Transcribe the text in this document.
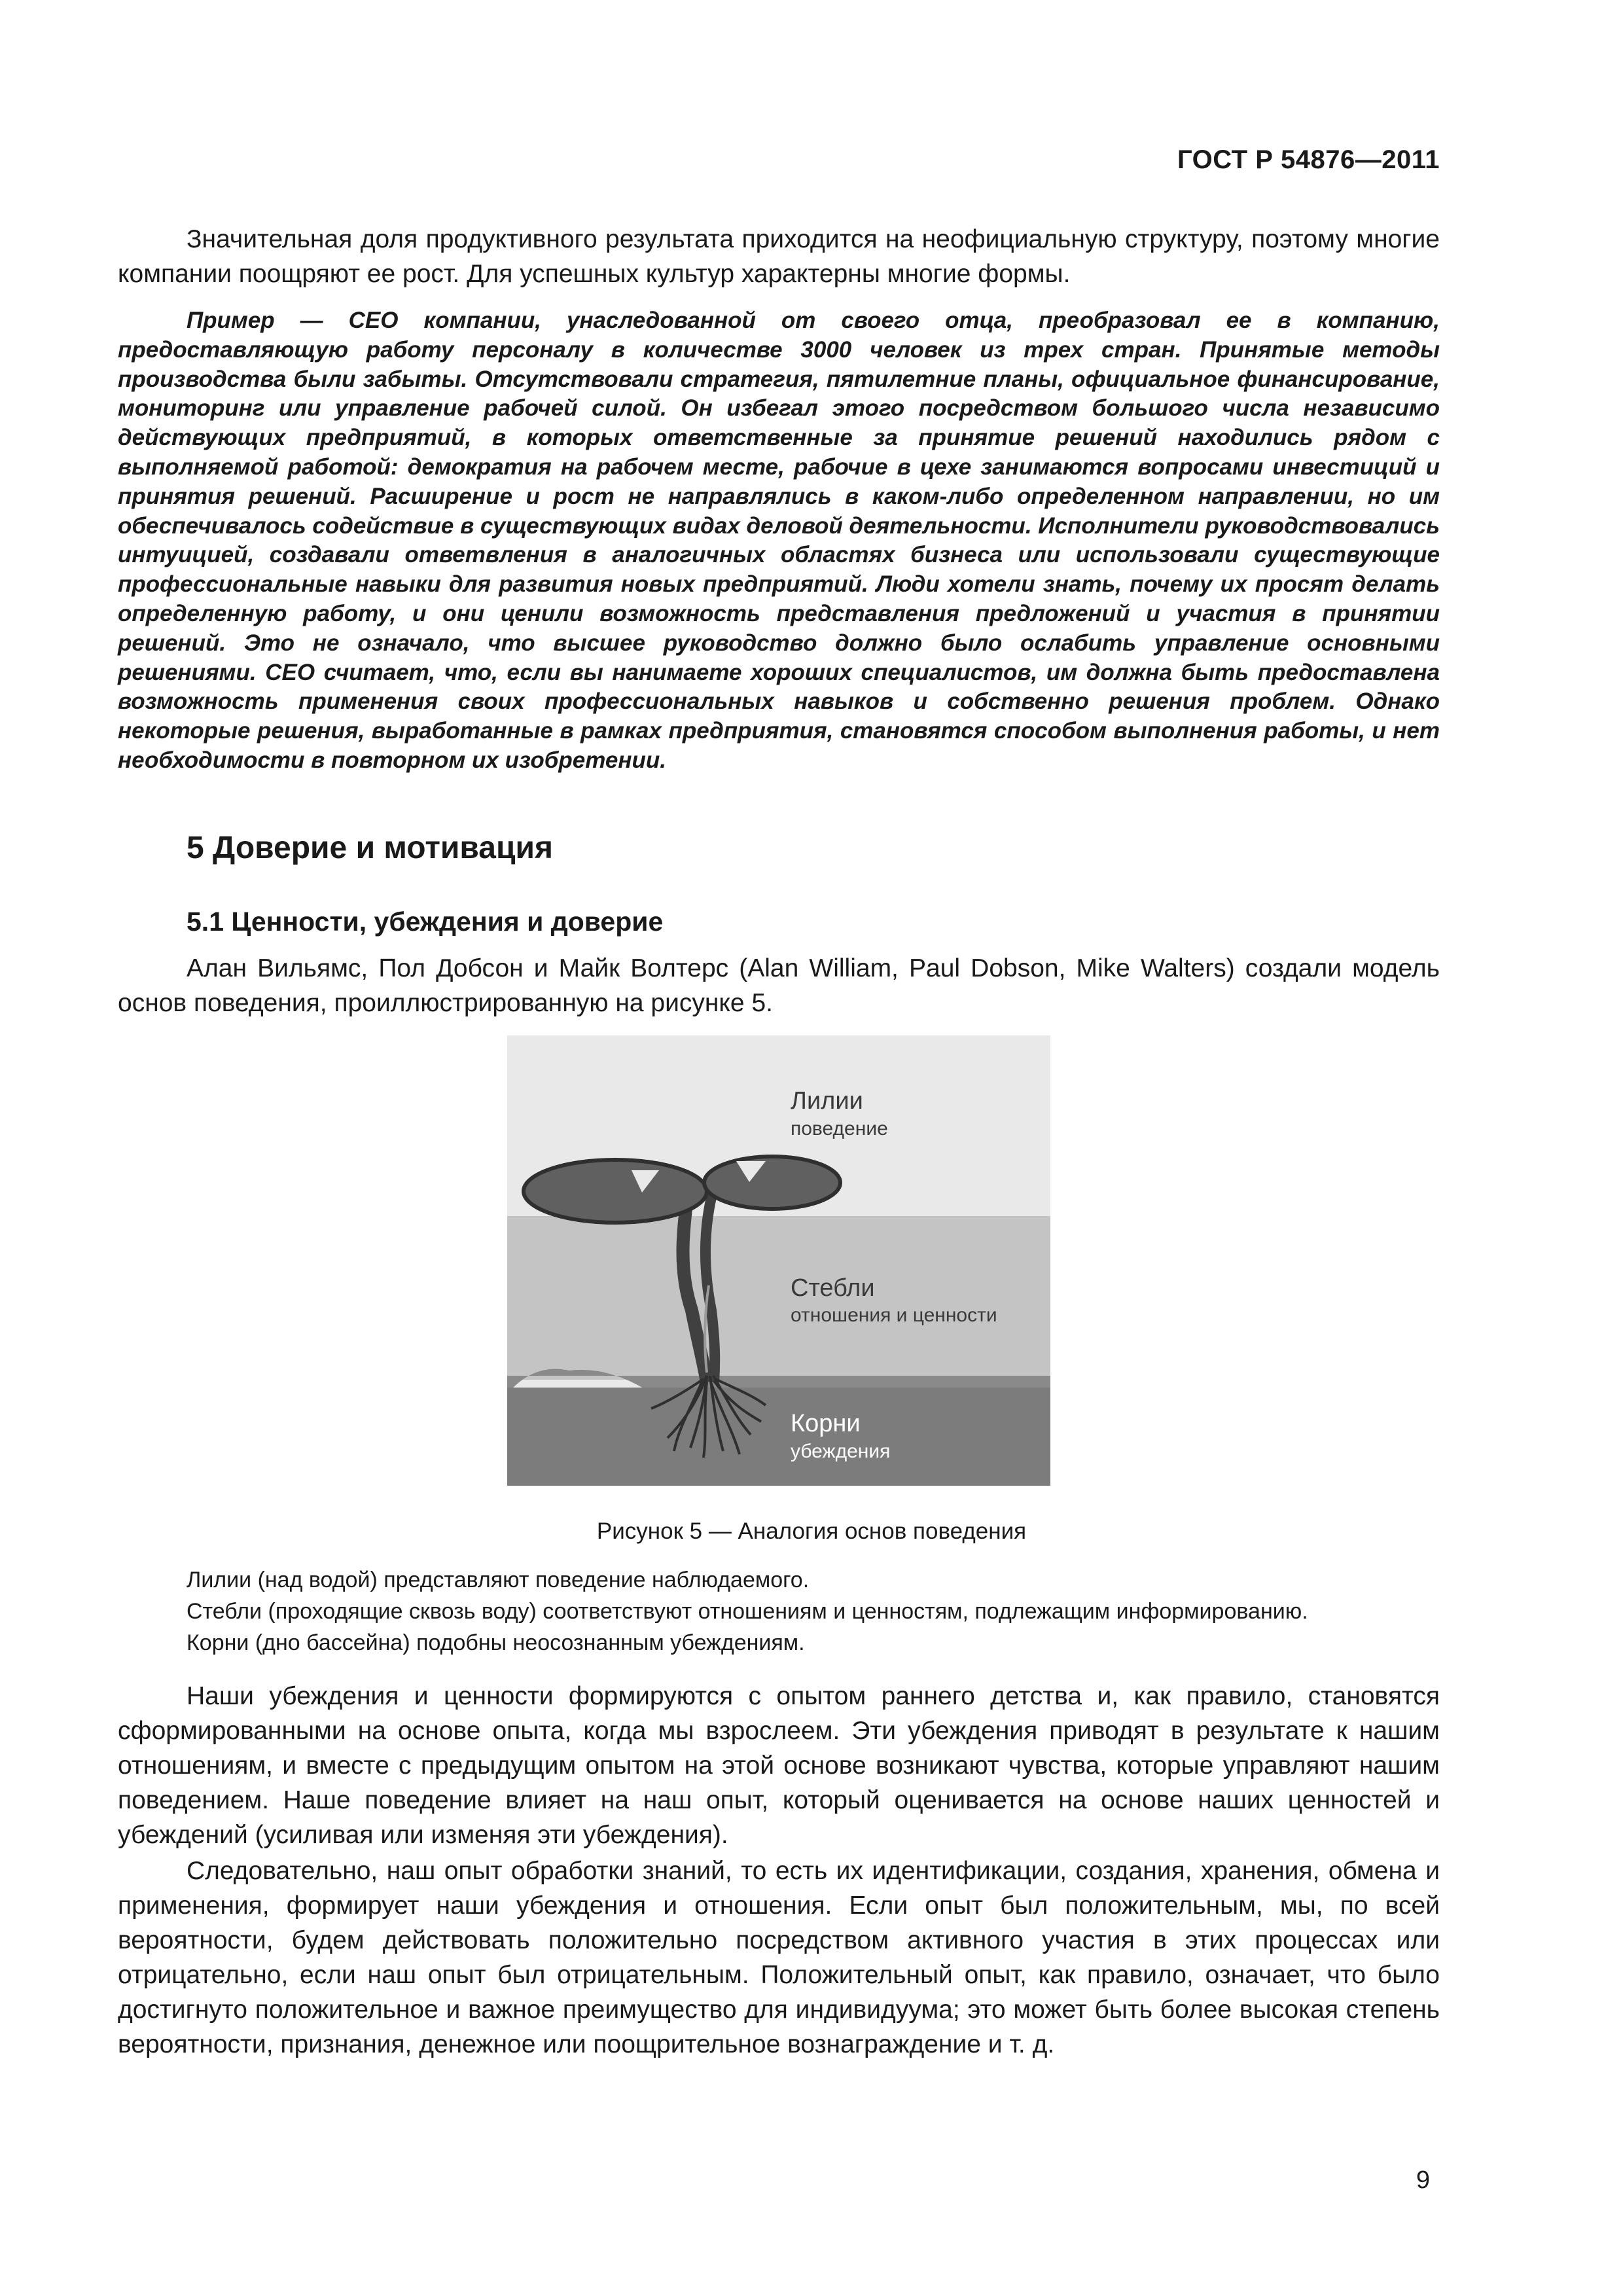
ГОСТ Р 54876—2011

Значительная доля продуктивного результата приходится на неофициальную структуру, поэтому многие компании поощряют ее рост. Для успешных культур характерны многие формы.

Пример — CEO компании, унаследованной от своего отца, преобразовал ее в компанию, предоставляющую работу персоналу в количестве 3000 человек из трех стран. Принятые методы производства были забыты. Отсутствовали стратегия, пятилетние планы, официальное финансирование, мониторинг или управление рабочей силой. Он избегал этого посредством большого числа независимо действующих предприятий, в которых ответственные за принятие решений находились рядом с выполняемой работой: демократия на рабочем месте, рабочие в цехе занимаются вопросами инвестиций и принятия решений. Расширение и рост не направлялись в каком-либо определенном направлении, но им обеспечивалось содействие в существующих видах деловой деятельности. Исполнители руководствовались интуицией, создавали ответвления в аналогичных областях бизнеса или использовали существующие профессиональные навыки для развития новых предприятий. Люди хотели знать, почему их просят делать определенную работу, и они ценили возможность представления предложений и участия в принятии решений. Это не означало, что высшее руководство должно было ослабить управление основными решениями. CEO считает, что, если вы нанимаете хороших специалистов, им должна быть предоставлена возможность применения своих профессиональных навыков и собственно решения проблем. Однако некоторые решения, выработанные в рамках предприятия, становятся способом выполнения работы, и нет необходимости в повторном их изобретении.

5 Доверие и мотивация
5.1 Ценности, убеждения и доверие

Алан Вильямс, Пол Добсон и Майк Волтерс (Alan William, Paul Dobson, Mike Walters) создали модель основ поведения, проиллюстрированную на рисунке 5.

Лилии
поведение
Стебли
отношения и ценности
Корни
убеждения

Рисунок 5 — Аналогия основ поведения

Лилии (над водой) представляют поведение наблюдаемого.
Стебли (проходящие сквозь воду) соответствуют отношениям и ценностям, подлежащим информированию.
Корни (дно бассейна) подобны неосознанным убеждениям.

Наши убеждения и ценности формируются с опытом раннего детства и, как правило, становятся сформированными на основе опыта, когда мы взрослеем. Эти убеждения приводят в результате к нашим отношениям, и вместе с предыдущим опытом на этой основе возникают чувства, которые управляют нашим поведением. Наше поведение влияет на наш опыт, который оценивается на основе наших ценностей и убеждений (усиливая или изменяя эти убеждения).

Следовательно, наш опыт обработки знаний, то есть их идентификации, создания, хранения, обмена и применения, формирует наши убеждения и отношения. Если опыт был положительным, мы, по всей вероятности, будем действовать положительно посредством активного участия в этих процессах или отрицательно, если наш опыт был отрицательным. Положительный опыт, как правило, означает, что было достигнуто положительное и важное преимущество для индивидуума; это может быть более высокая степень вероятности, признания, денежное или поощрительное вознаграждение и т. д.

9
